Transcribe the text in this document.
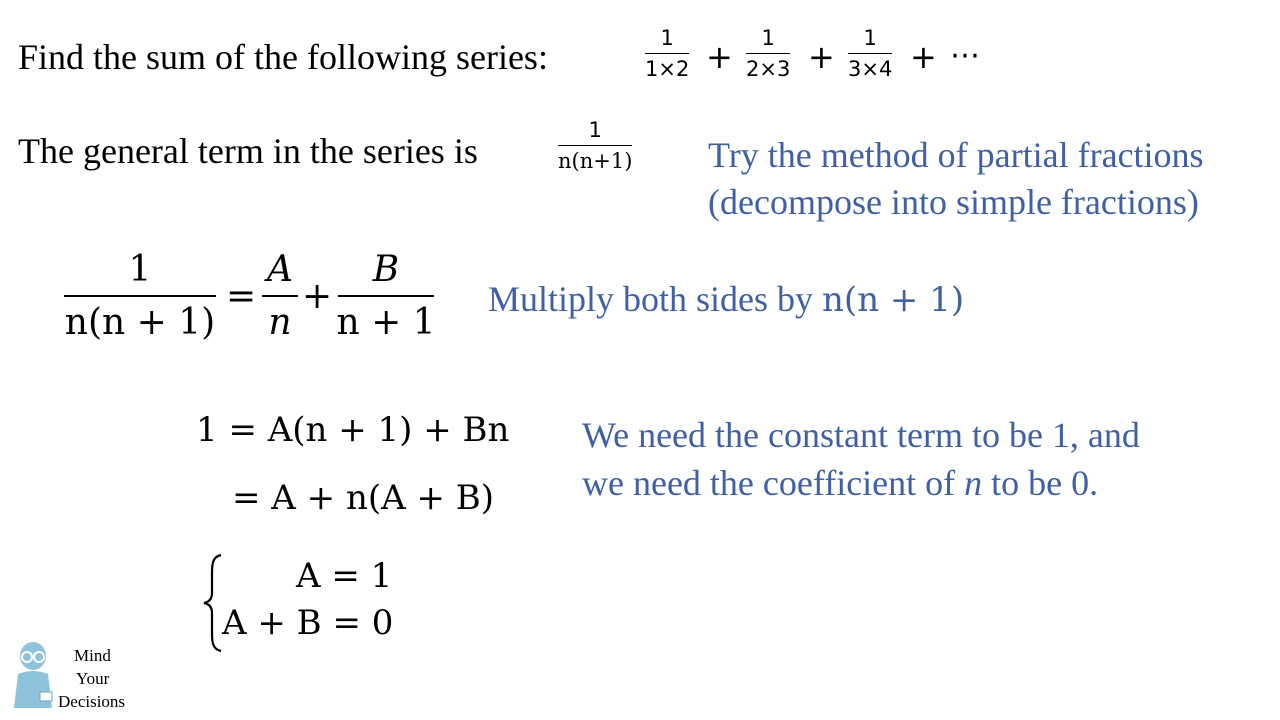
Find the sum of the following series:	1
1×2 + 1
2×3 + 1
3×4 + ⋯
The general term in the series is
1
n(n+1) Try the method of partial fractions
(decompose into simple fractions)
1
n(n + 1)
=
A
n
+
B
n + 1
Multiply both sides by n(n + 1)
1 = A(n + 1) + Bn
= A + n(A + B)
We need the constant term to be 1, and
we need the coefficient of n to be 0.
A = 1
A + B = 0
Mind
Your
Decisions
